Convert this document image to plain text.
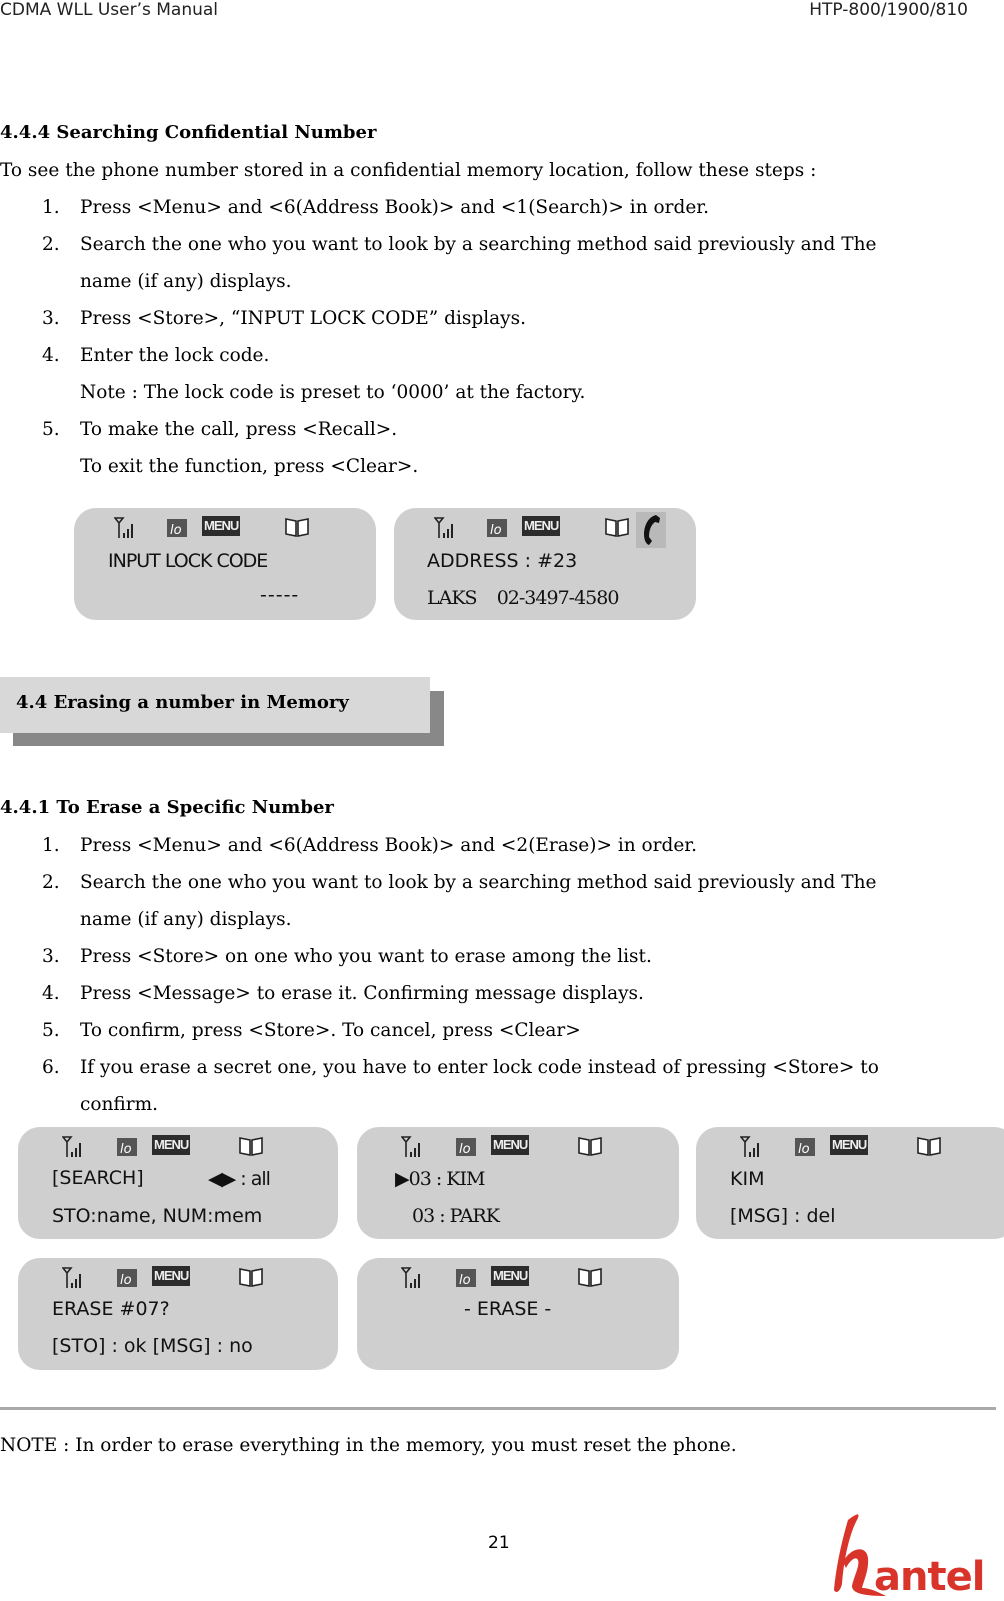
CDMA WLL User’s Manual	HTP-800/1900/810
4.4.4 Searching Confidential Number
To see the phone number stored in a confidential memory location, follow these steps :
1. Press <Menu> and <6(Address Book)> and <1(Search)> in order.
2. Search the one who you want to look by a searching method said previously and The
name (if any) displays.
3. Press <Store>, “INPUT LOCK CODE” displays.
4. Enter the lock code.
Note : The lock code is preset to ‘0000’ at the factory.
5. To make the call, press <Recall>.
To exit the function, press <Clear>.
lo MENU
INPUT LOCK CODE
-----
lo MENU
ADDRESS : #23
LAKS    02-3497-4580
4.4 Erasing a number in Memory
4.4.1 To Erase a Specific Number
1. Press <Menu> and <6(Address Book)> and <2(Erase)> in order.
2. Search the one who you want to look by a searching method said previously and The
name (if any) displays.
3. Press <Store> on one who you want to erase among the list.
4. Press <Message> to erase it. Confirming message displays.
5. To confirm, press <Store>. To cancel, press <Clear>
6. If you erase a secret one, you have to enter lock code instead of pressing <Store> to
confirm.
lo MENU
[SEARCH]	◀▶ : all
STO:name, NUM:mem
lo MENU
▶03 : KIM
03 : PARK
lo MENU
KIM
[MSG] : del
lo MENU
ERASE #07?
[STO] : ok [MSG] : no
lo MENU
- ERASE -
NOTE : In order to erase everything in the memory, you must reset the phone.
21
antel
